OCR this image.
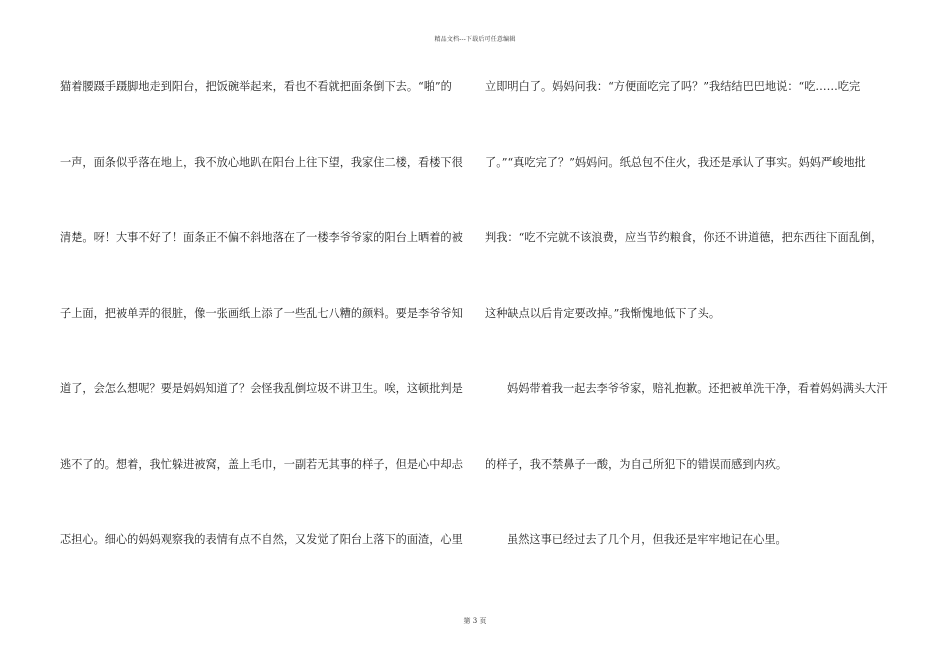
精品文档---下载后可任意编辑
猫着腰蹑手蹑脚地走到阳台，把饭碗举起来，看也不看就把面条倒下去。“啪”的
一声，面条似乎落在地上，我不放心地趴在阳台上往下望，我家住二楼，看楼下很
清楚。呀！大事不好了！面条正不偏不斜地落在了一楼李爷爷家的阳台上晒着的被
子上面，把被单弄的很脏，像一张画纸上添了一些乱七八糟的颜料。要是李爷爷知
道了，会怎么想呢？要是妈妈知道了？会怪我乱倒垃圾不讲卫生。唉，这顿批判是
逃不了的。想着，我忙躲进被窝，盖上毛巾，一副若无其事的样子，但是心中却忐
忑担心。细心的妈妈观察我的表情有点不自然，又发觉了阳台上落下的面渣，心里
立即明白了。妈妈问我：“方便面吃完了吗？”我结结巴巴地说：“吃……吃完
了。”“真吃完了？”妈妈问。纸总包不住火，我还是承认了事实。妈妈严峻地批
判我：“吃不完就不该浪费，应当节约粮食，你还不讲道德，把东西往下面乱倒，
这种缺点以后肯定要改掉。”我惭愧地低下了头。
妈妈带着我一起去李爷爷家，赔礼抱歉。还把被单洗干净，看着妈妈满头大汗
的样子，我不禁鼻子一酸，为自己所犯下的错误而感到内疚。
虽然这事已经过去了几个月，但我还是牢牢地记在心里。
第 3 页
